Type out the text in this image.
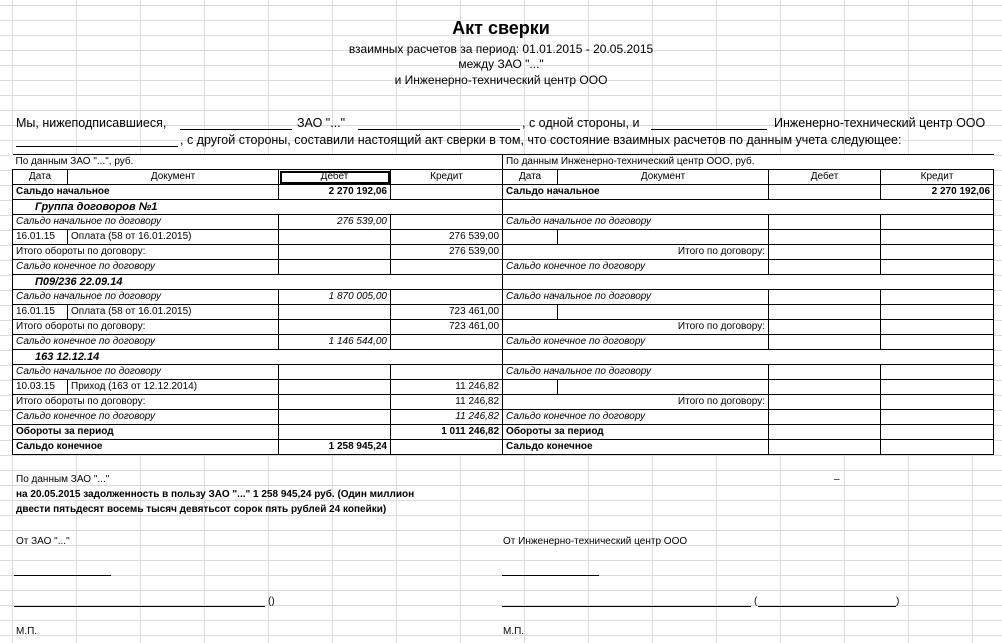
Акт сверки
взаимных расчетов за период: 01.01.2015 - 20.05.2015
между ЗАО "..."
и Инженерно-технический центр ООО
Мы, нижеподписавшиеся,	ЗАО "..."	, с одной стороны, и	Инженерно-технический центр ООО
, с другой стороны, составили настоящий акт сверки в том, что состояние взаимных расчетов по данным учета следующее:
По данным ЗАО "...", руб.				По данным Инженерно-технический центр ООО, руб.			
Дата	Документ	Дебет	Кредит	Дата	Документ	Дебет	Кредит
Сальдо начальное		2 270 192,06		Сальдо начальное			2 270 192,06
Группа договоров №1							
Сальдо начальное по договору		276 539,00		Сальдо начальное по договору			
16.01.15	Оплата (58 от 16.01.2015)		276 539,00				
Итого обороты по договору:			276 539,00	Итого по договору:			
Сальдо конечное по договору				Сальдо конечное по договору			
П09/236 22.09.14							
Сальдо начальное по договору		1 870 005,00		Сальдо начальное по договору			
16.01.15	Оплата (58 от 16.01.2015)		723 461,00				
Итого обороты по договору:			723 461,00	Итого по договору:			
Сальдо конечное по договору		1 146 544,00		Сальдо конечное по договору			
163 12.12.14							
Сальдо начальное по договору				Сальдо начальное по договору			
10.03.15	Приход (163 от 12.12.2014)		11 246,82				
Итого обороты по договору:			11 246,82	Итого по договору:			
Сальдо конечное по договору			11 246,82	Сальдо конечное по договору			
Обороты за период			1 011 246,82	Обороты за период			
Сальдо конечное		1 258 945,24		Сальдо конечное			
По данным ЗАО "..."	–
на 20.05.2015 задолженность в пользу ЗАО "..." 1 258 945,24 руб. (Один миллион
двести пятьдесят восемь тысяч девятьсот сорок пять рублей 24 копейки)
От ЗАО "..."	От Инженерно-технический центр ООО
()	(	)
М.П.	М.П.
